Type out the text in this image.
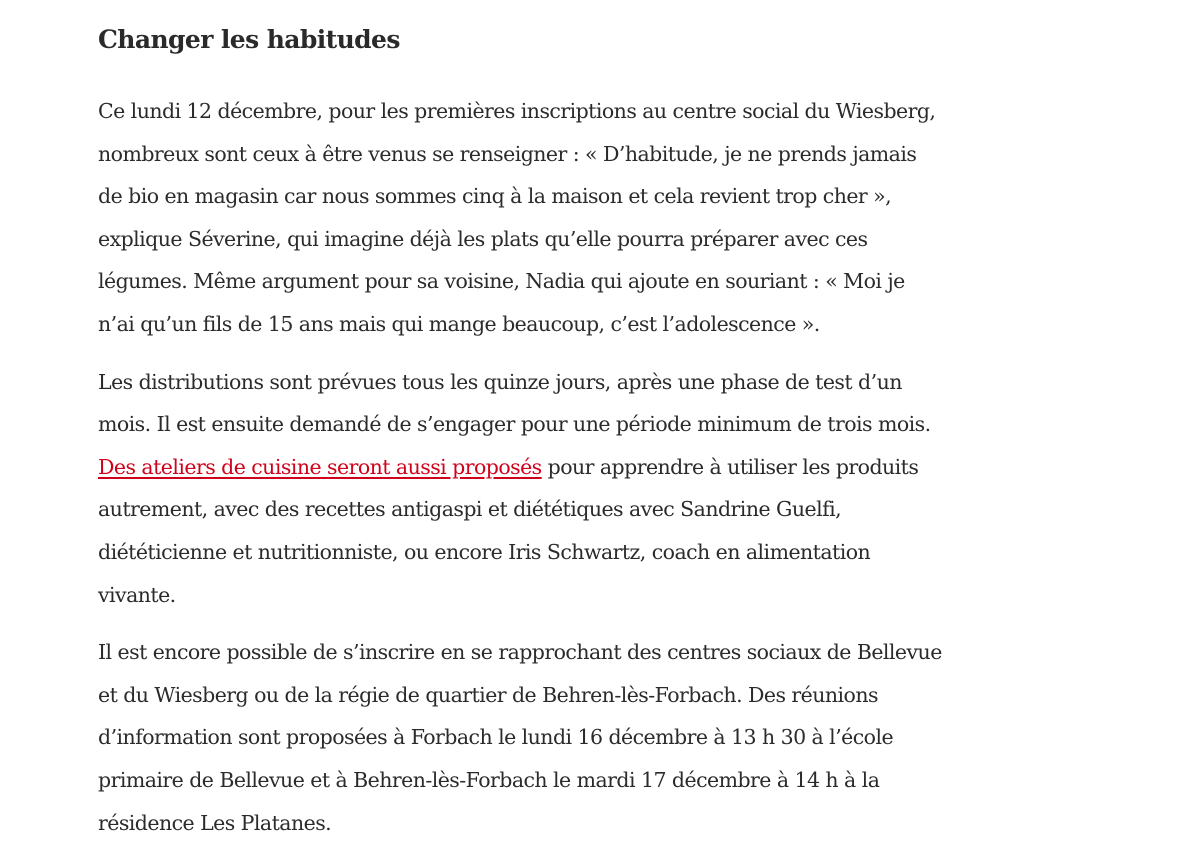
Changer les habitudes

Ce lundi 12 décembre, pour les premières inscriptions au centre social du Wiesberg,
nombreux sont ceux à être venus se renseigner : « D’habitude, je ne prends jamais
de bio en magasin car nous sommes cinq à la maison et cela revient trop cher »,
explique Séverine, qui imagine déjà les plats qu’elle pourra préparer avec ces
légumes. Même argument pour sa voisine, Nadia qui ajoute en souriant : « Moi je
n’ai qu’un fils de 15 ans mais qui mange beaucoup, c’est l’adolescence ».

Les distributions sont prévues tous les quinze jours, après une phase de test d’un
mois. Il est ensuite demandé de s’engager pour une période minimum de trois mois.
Des ateliers de cuisine seront aussi proposés pour apprendre à utiliser les produits
autrement, avec des recettes antigaspi et diététiques avec Sandrine Guelfi,
diététicienne et nutritionniste, ou encore Iris Schwartz, coach en alimentation
vivante.

Il est encore possible de s’inscrire en se rapprochant des centres sociaux de Bellevue
et du Wiesberg ou de la régie de quartier de Behren-lès-Forbach. Des réunions
d’information sont proposées à Forbach le lundi 16 décembre à 13 h 30 à l’école
primaire de Bellevue et à Behren-lès-Forbach le mardi 17 décembre à 14 h à la
résidence Les Platanes.
